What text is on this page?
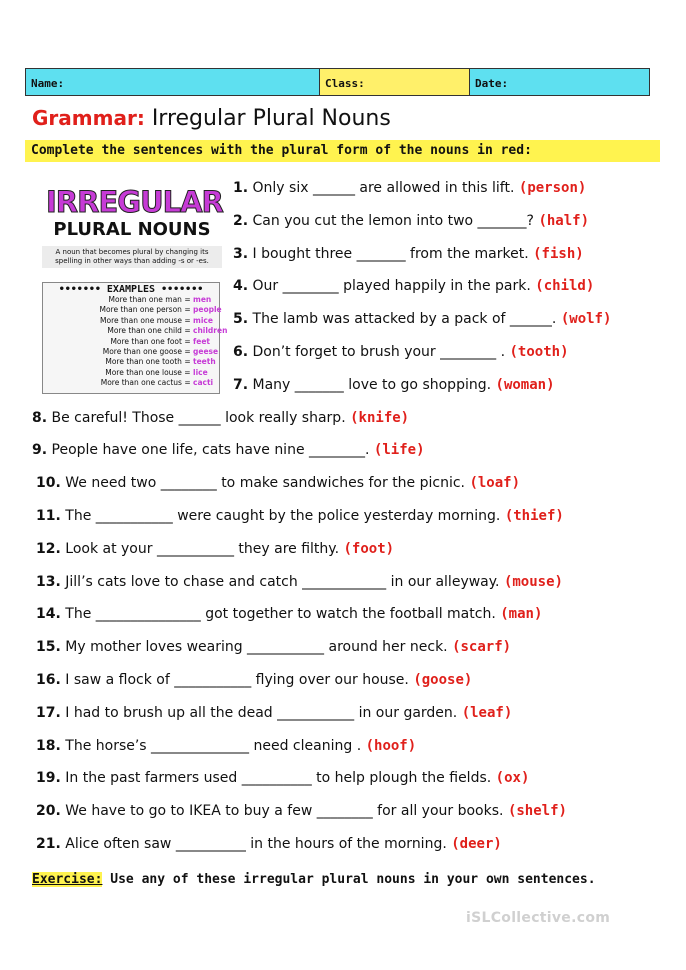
Name:	Class:	Date:
Grammar: Irregular Plural Nouns
Complete the sentences with the plural form of the nouns in red:
IRREGULAR
PLURAL NOUNS
A noun that becomes plural by changing its spelling in other ways than adding -s or -es.
••••••• EXAMPLES •••••••
More than one man = men
More than one person = people
More than one mouse = mice
More than one child = children
More than one foot = feet
More than one goose = geese
More than one tooth = teeth
More than one louse = lice
More than one cactus = cacti
1. Only six ______ are allowed in this lift. (person)
2. Can you cut the lemon into two _______? (half)
3. I bought three _______ from the market. (fish)
4. Our ________ played happily in the park. (child)
5. The lamb was attacked by a pack of ______. (wolf)
6. Don’t forget to brush your ________ . (tooth)
7. Many _______ love to go shopping. (woman)
8. Be careful! Those ______ look really sharp. (knife)
9. People have one life, cats have nine ________. (life)
10. We need two ________ to make sandwiches for the picnic. (loaf)
11. The ___________ were caught by the police yesterday morning. (thief)
12. Look at your ___________ they are filthy. (foot)
13. Jill’s cats love to chase and catch ____________ in our alleyway. (mouse)
14. The _______________ got together to watch the football match. (man)
15. My mother loves wearing ___________ around her neck. (scarf)
16. I saw a flock of ___________ flying over our house. (goose)
17. I had to brush up all the dead ___________ in our garden. (leaf)
18. The horse’s ______________ need cleaning . (hoof)
19. In the past farmers used __________ to help plough the fields. (ox)
20. We have to go to IKEA to buy a few ________ for all your books. (shelf)
21. Alice often saw __________ in the hours of the morning. (deer)
Exercise: Use any of these irregular plural nouns in your own sentences.
iSLCollective.com
